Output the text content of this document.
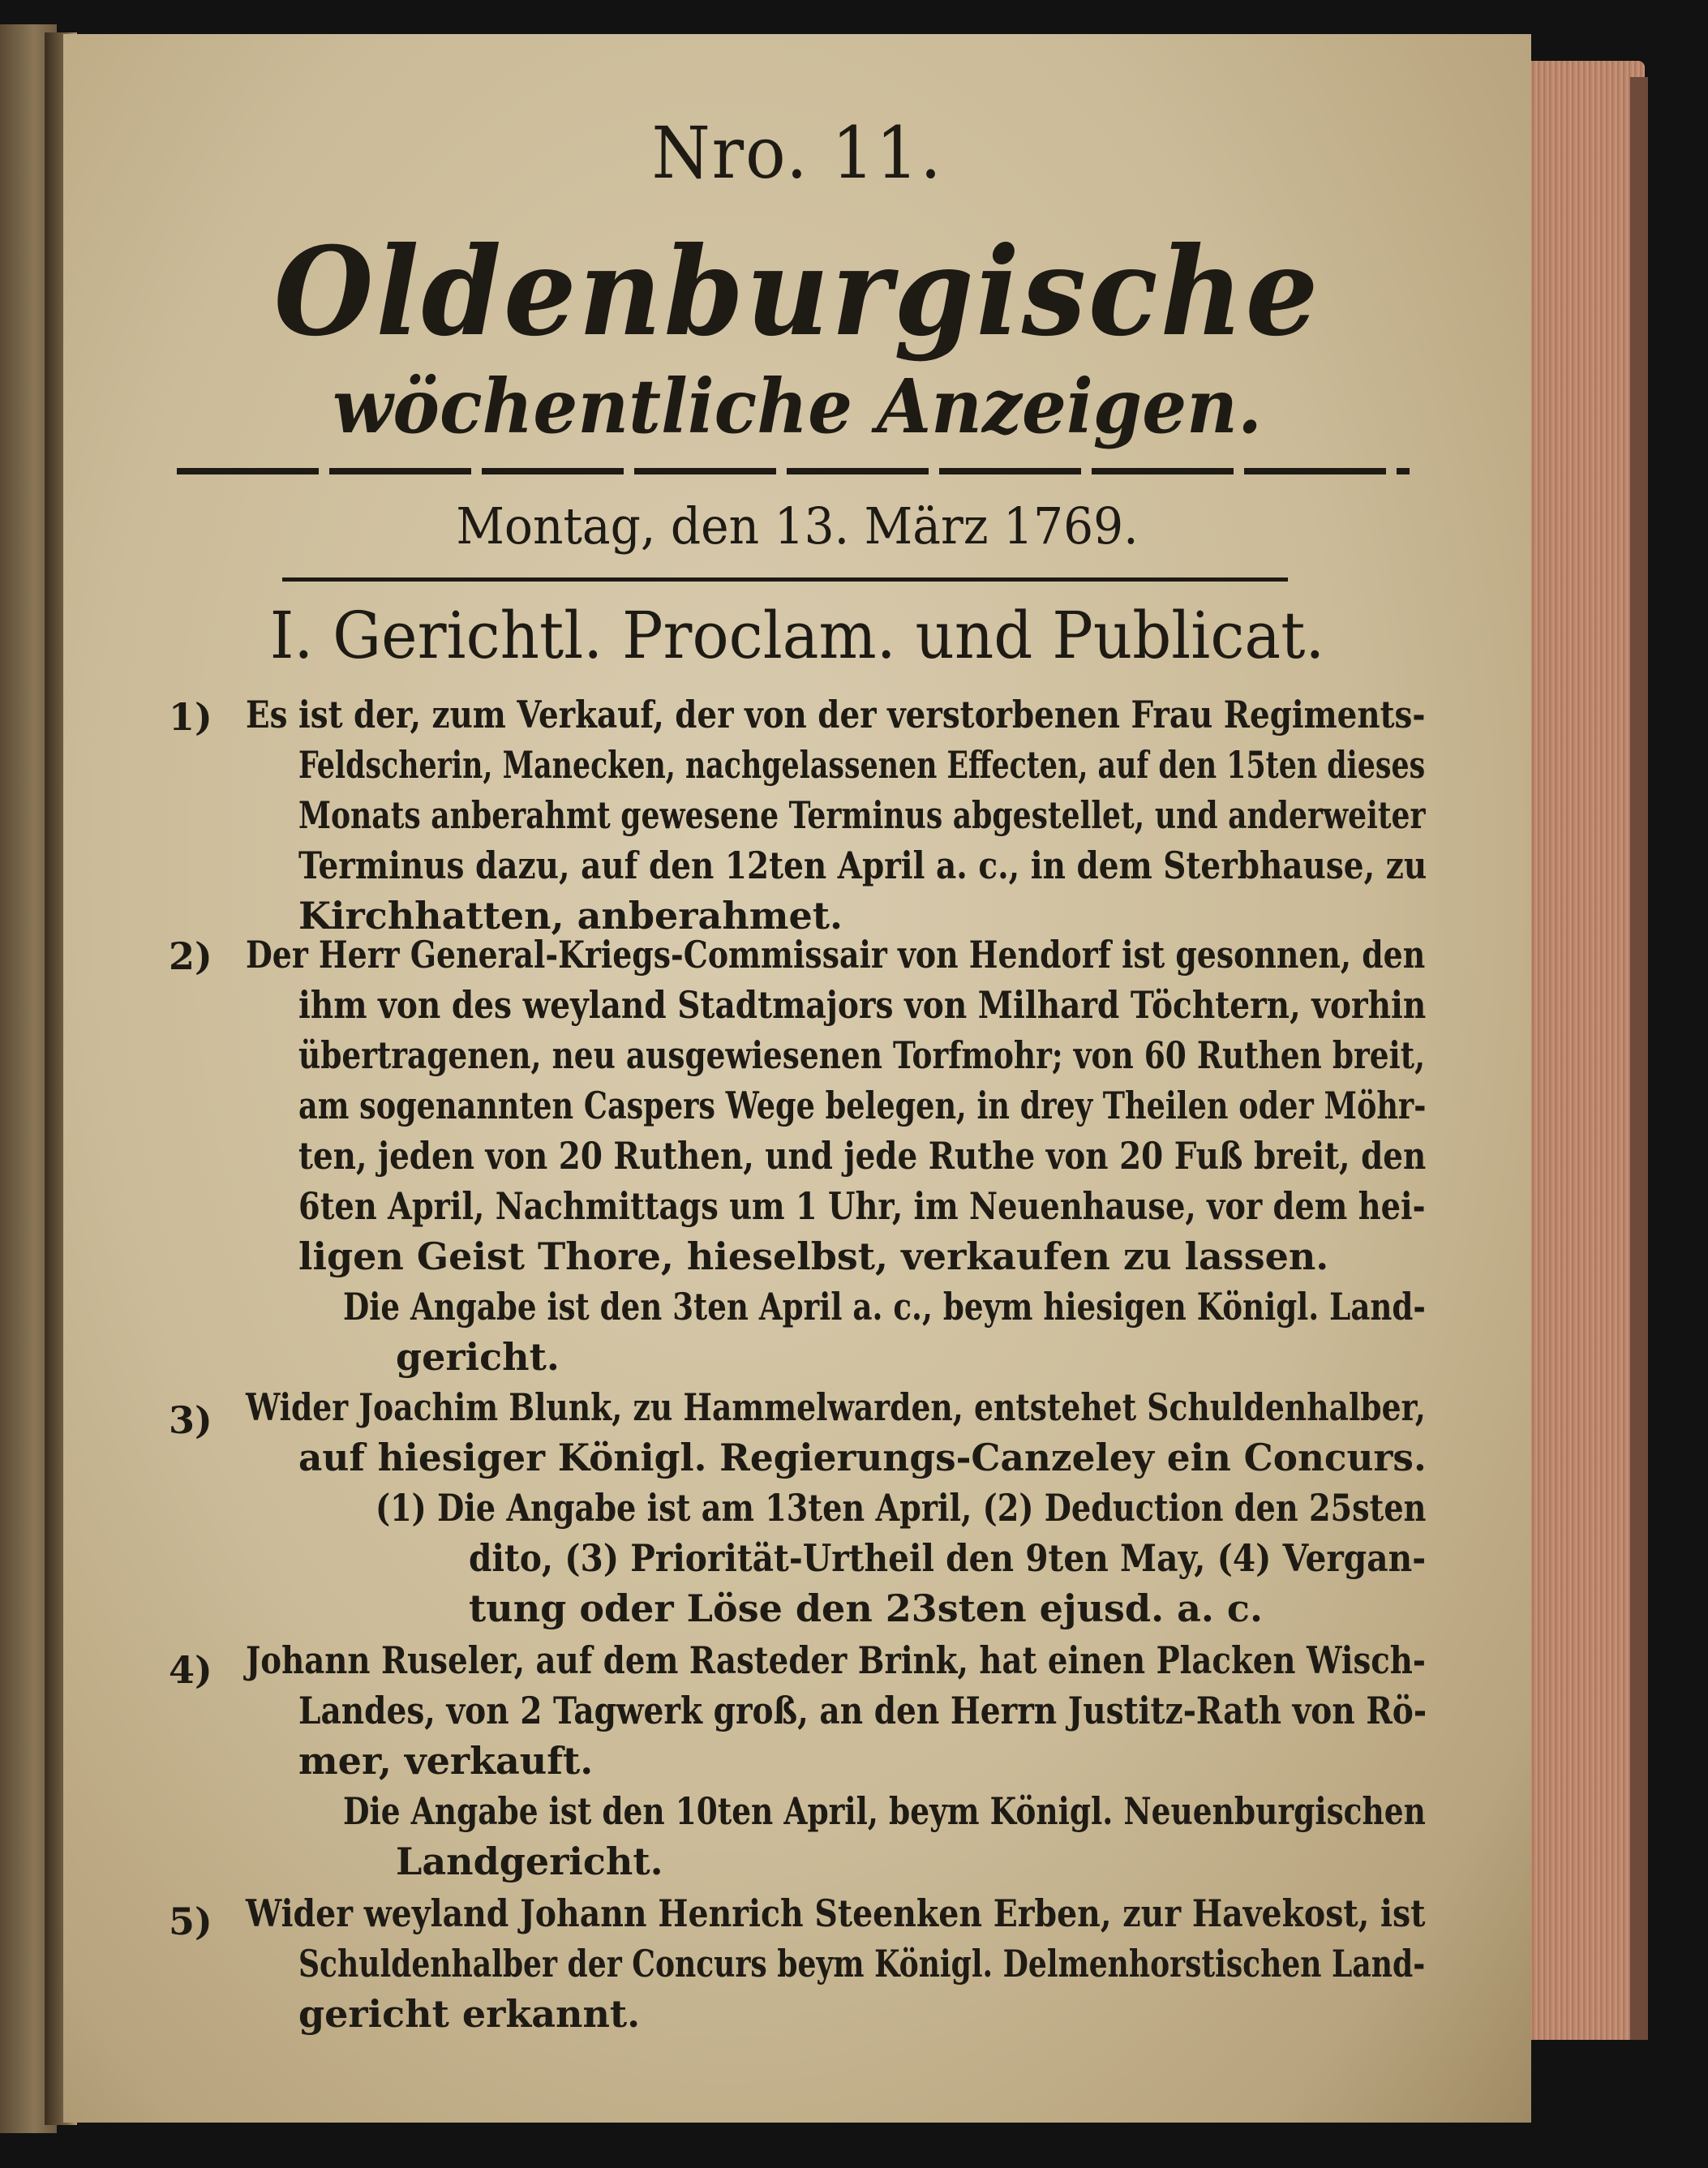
Nro. 11.
Oldenburgische
wöchentliche Anzeigen.
Montag, den 13. März 1769.
I. Gerichtl. Proclam. und Publicat.
1) Es ist der, zum Verkauf, der von der verstorbenen Frau Regiments-
Feldscherin, Manecken, nachgelassenen Effecten, auf den 15ten dieses
Monats anberahmt gewesene Terminus abgestellet, und anderweiter
Terminus dazu, auf den 12ten April a. c., in dem Sterbhause, zu
Kirchhatten, anberahmet.
2) Der Herr General-Kriegs-Commissair von Hendorf ist gesonnen, den
ihm von des weyland Stadtmajors von Milhard Töchtern, vorhin
übertragenen, neu ausgewiesenen Torfmohr; von 60 Ruthen breit,
am sogenannten Caspers Wege belegen, in drey Theilen oder Möhr-
ten, jeden von 20 Ruthen, und jede Ruthe von 20 Fuß breit, den
6ten April, Nachmittags um 1 Uhr, im Neuenhause, vor dem hei-
ligen Geist Thore, hieselbst, verkaufen zu lassen.
Die Angabe ist den 3ten April a. c., beym hiesigen Königl. Land-
gericht.
3) Wider Joachim Blunk, zu Hammelwarden, entstehet Schuldenhalber,
auf hiesiger Königl. Regierungs-Canzeley ein Concurs.
(1) Die Angabe ist am 13ten April, (2) Deduction den 25sten
dito, (3) Priorität-Urtheil den 9ten May, (4) Vergan-
tung oder Löse den 23sten ejusd. a. c.
4) Johann Ruseler, auf dem Rasteder Brink, hat einen Placken Wisch-
Landes, von 2 Tagwerk groß, an den Herrn Justitz-Rath von Rö-
mer, verkauft.
Die Angabe ist den 10ten April, beym Königl. Neuenburgischen
Landgericht.
5) Wider weyland Johann Henrich Steenken Erben, zur Havekost, ist
Schuldenhalber der Concurs beym Königl. Delmenhorstischen Land-
gericht erkannt.
